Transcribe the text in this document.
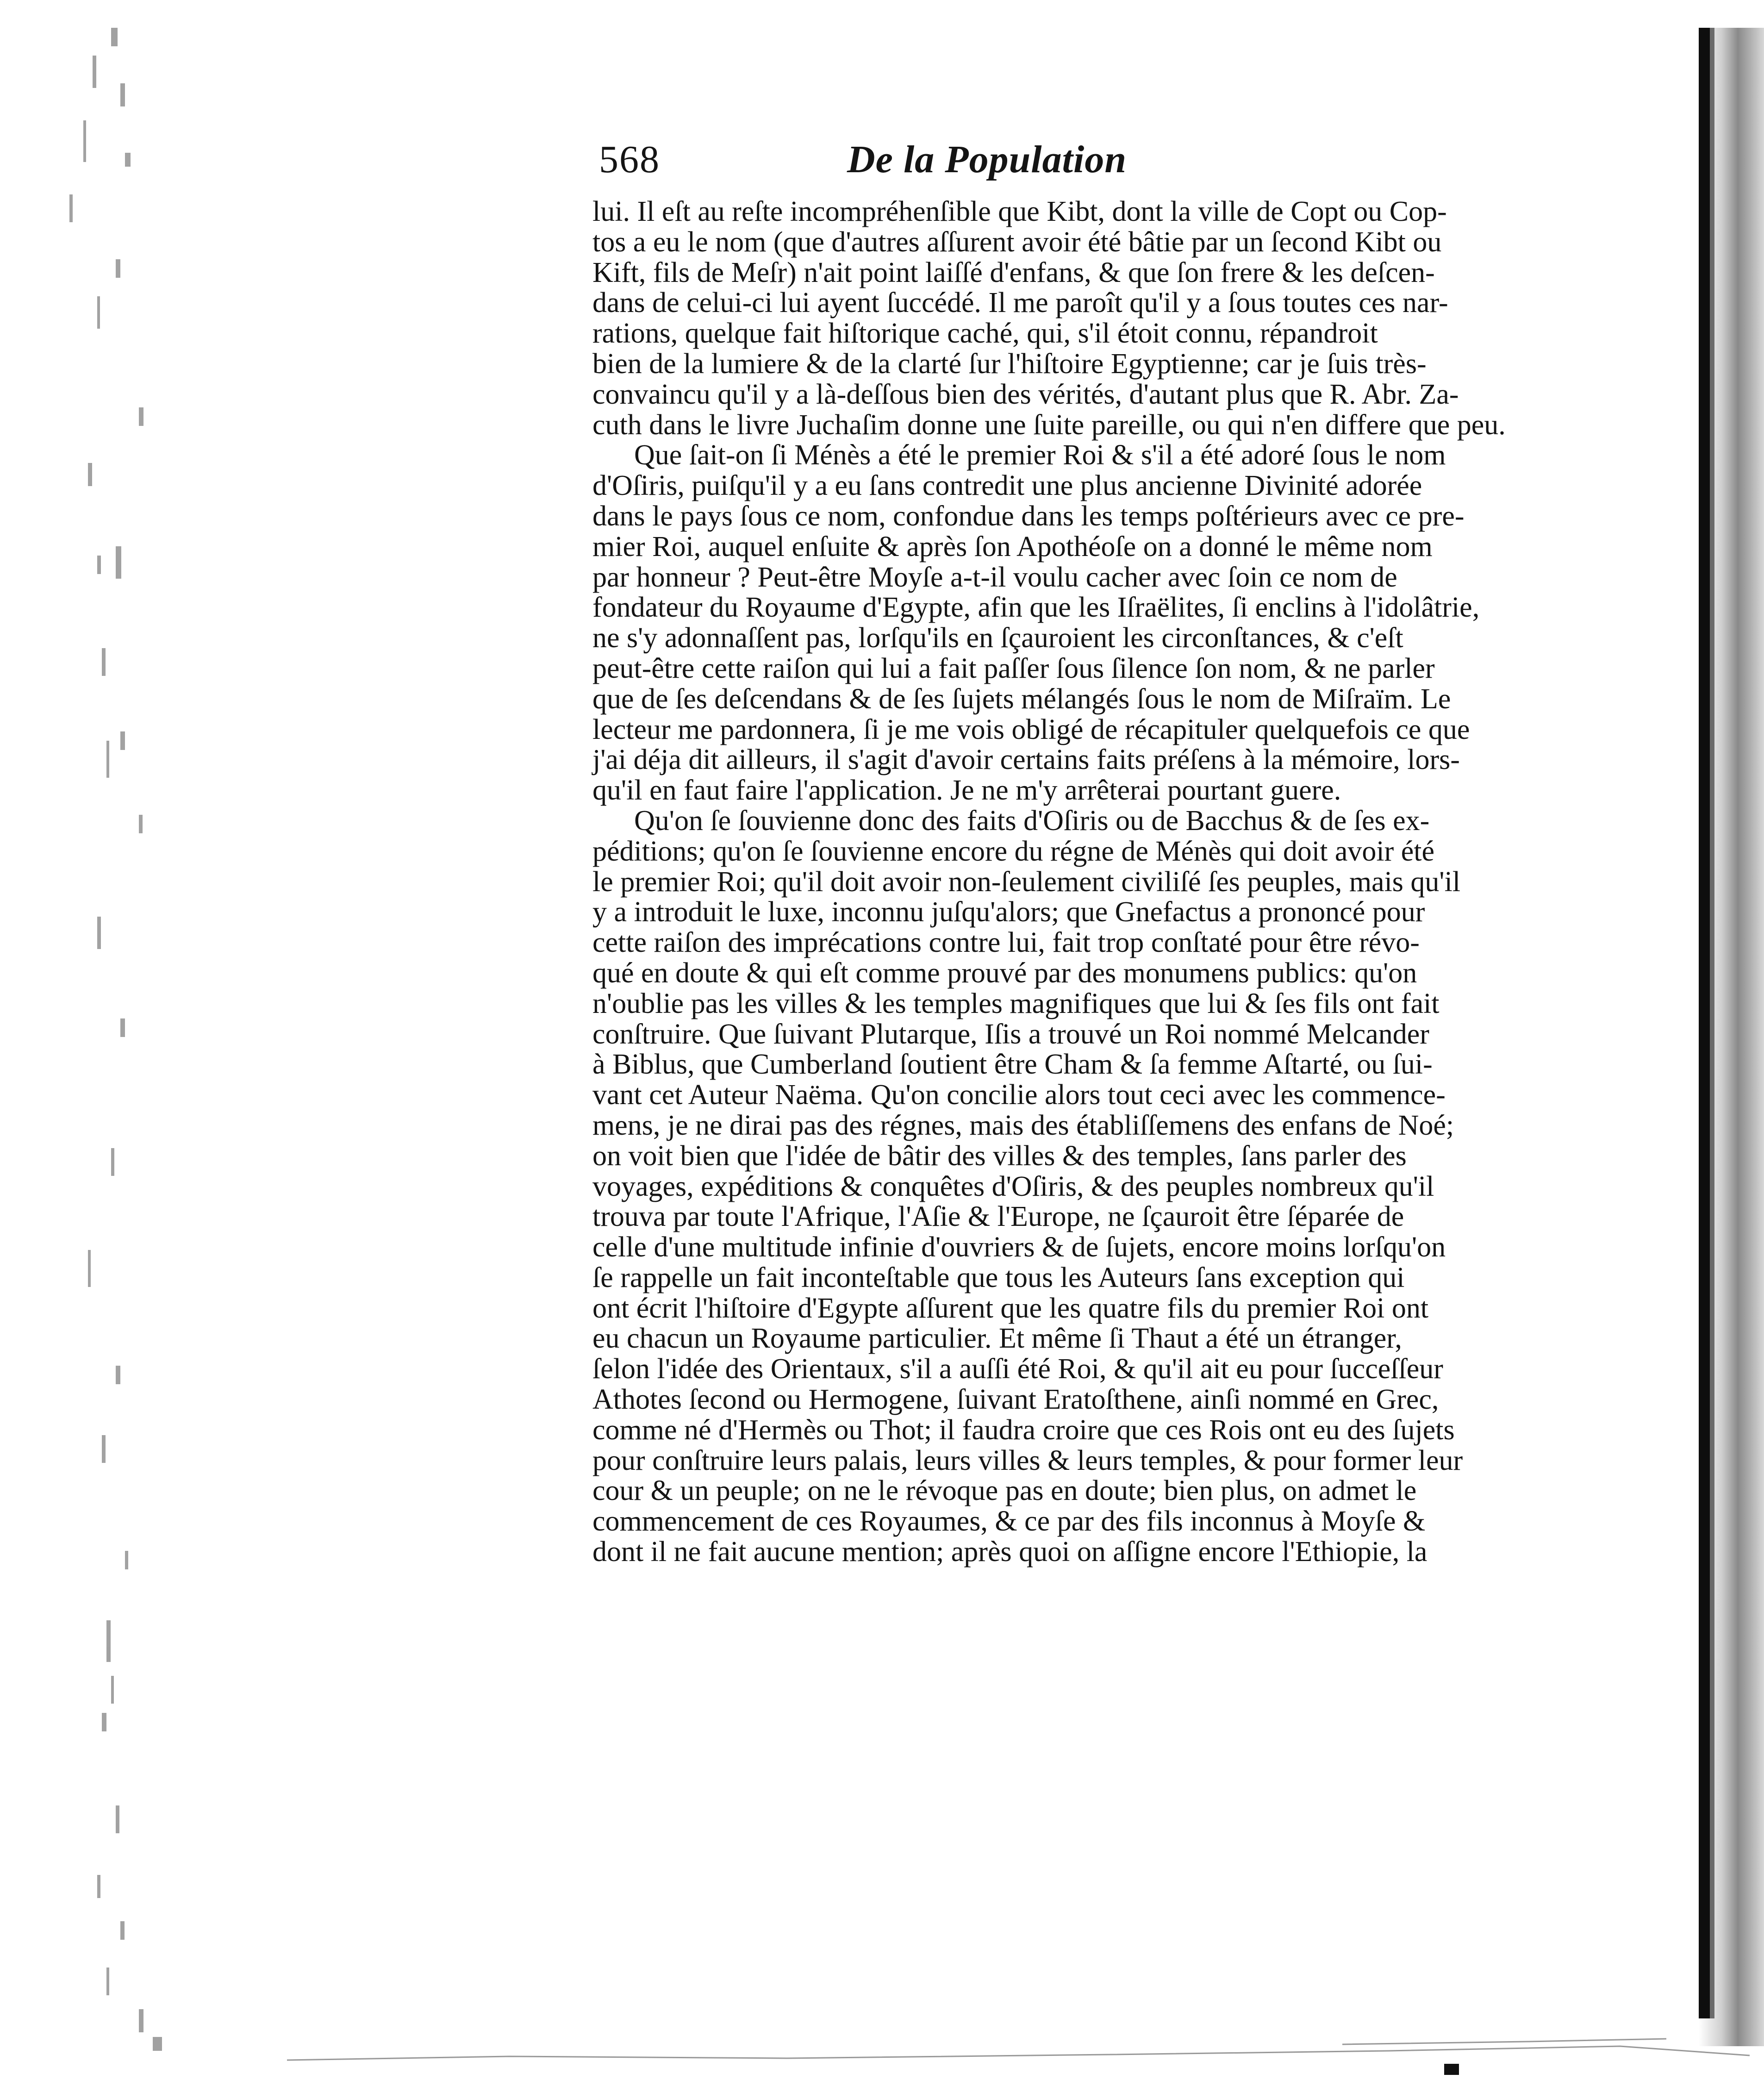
568	De la Population
lui. Il eſt au reſte incompréhenſible que Kibt, dont la ville de Copt ou Cop-
tos a eu le nom (que d'autres aſſurent avoir été bâtie par un ſecond Kibt ou
Kift, fils de Meſr) n'ait point laiſſé d'enfans, & que ſon frere & les deſcen-
dans de celui-ci lui ayent ſuccédé. Il me paroît qu'il y a ſous toutes ces nar-
rations, quelque fait hiſtorique caché, qui, s'il étoit connu, répandroit
bien de la lumiere & de la clarté ſur l'hiſtoire Egyptienne; car je ſuis très-
convaincu qu'il y a là-deſſous bien des vérités, d'autant plus que R. Abr. Za-
cuth dans le livre Juchaſim donne une ſuite pareille, ou qui n'en differe que peu.
Que ſait-on ſi Ménès a été le premier Roi & s'il a été adoré ſous le nom
d'Oſiris, puiſqu'il y a eu ſans contredit une plus ancienne Divinité adorée
dans le pays ſous ce nom, confondue dans les temps poſtérieurs avec ce pre-
mier Roi, auquel enſuite & après ſon Apothéoſe on a donné le même nom
par honneur ? Peut-être Moyſe a-t-il voulu cacher avec ſoin ce nom de
fondateur du Royaume d'Egypte, afin que les Iſraëlites, ſi enclins à l'idolâtrie,
ne s'y adonnaſſent pas, lorſqu'ils en ſçauroient les circonſtances, & c'eſt
peut-être cette raiſon qui lui a fait paſſer ſous ſilence ſon nom, & ne parler
que de ſes deſcendans & de ſes ſujets mélangés ſous le nom de Miſraïm. Le
lecteur me pardonnera, ſi je me vois obligé de récapituler quelquefois ce que
j'ai déja dit ailleurs, il s'agit d'avoir certains faits préſens à la mémoire, lors-
qu'il en faut faire l'application. Je ne m'y arrêterai pourtant guere.
Qu'on ſe ſouvienne donc des faits d'Oſiris ou de Bacchus & de ſes ex-
péditions; qu'on ſe ſouvienne encore du régne de Ménès qui doit avoir été
le premier Roi; qu'il doit avoir non-ſeulement civiliſé ſes peuples, mais qu'il
y a introduit le luxe, inconnu juſqu'alors; que Gnefactus a prononcé pour
cette raiſon des imprécations contre lui, fait trop conſtaté pour être révo-
qué en doute & qui eſt comme prouvé par des monumens publics: qu'on
n'oublie pas les villes & les temples magnifiques que lui & ſes fils ont fait
conſtruire. Que ſuivant Plutarque, Iſis a trouvé un Roi nommé Melcander
à Biblus, que Cumberland ſoutient être Cham & ſa femme Aſtarté, ou ſui-
vant cet Auteur Naëma. Qu'on concilie alors tout ceci avec les commence-
mens, je ne dirai pas des régnes, mais des établiſſemens des enfans de Noé;
on voit bien que l'idée de bâtir des villes & des temples, ſans parler des
voyages, expéditions & conquêtes d'Oſiris, & des peuples nombreux qu'il
trouva par toute l'Afrique, l'Aſie & l'Europe, ne ſçauroit être ſéparée de
celle d'une multitude infinie d'ouvriers & de ſujets, encore moins lorſqu'on
ſe rappelle un fait inconteſtable que tous les Auteurs ſans exception qui
ont écrit l'hiſtoire d'Egypte aſſurent que les quatre fils du premier Roi ont
eu chacun un Royaume particulier. Et même ſi Thaut a été un étranger,
ſelon l'idée des Orientaux, s'il a auſſi été Roi, & qu'il ait eu pour ſucceſſeur
Athotes ſecond ou Hermogene, ſuivant Eratoſthene, ainſi nommé en Grec,
comme né d'Hermès ou Thot; il faudra croire que ces Rois ont eu des ſujets
pour conſtruire leurs palais, leurs villes & leurs temples, & pour former leur
cour & un peuple; on ne le révoque pas en doute; bien plus, on admet le
commencement de ces Royaumes, & ce par des fils inconnus à Moyſe &
dont il ne fait aucune mention; après quoi on aſſigne encore l'Ethiopie, la
